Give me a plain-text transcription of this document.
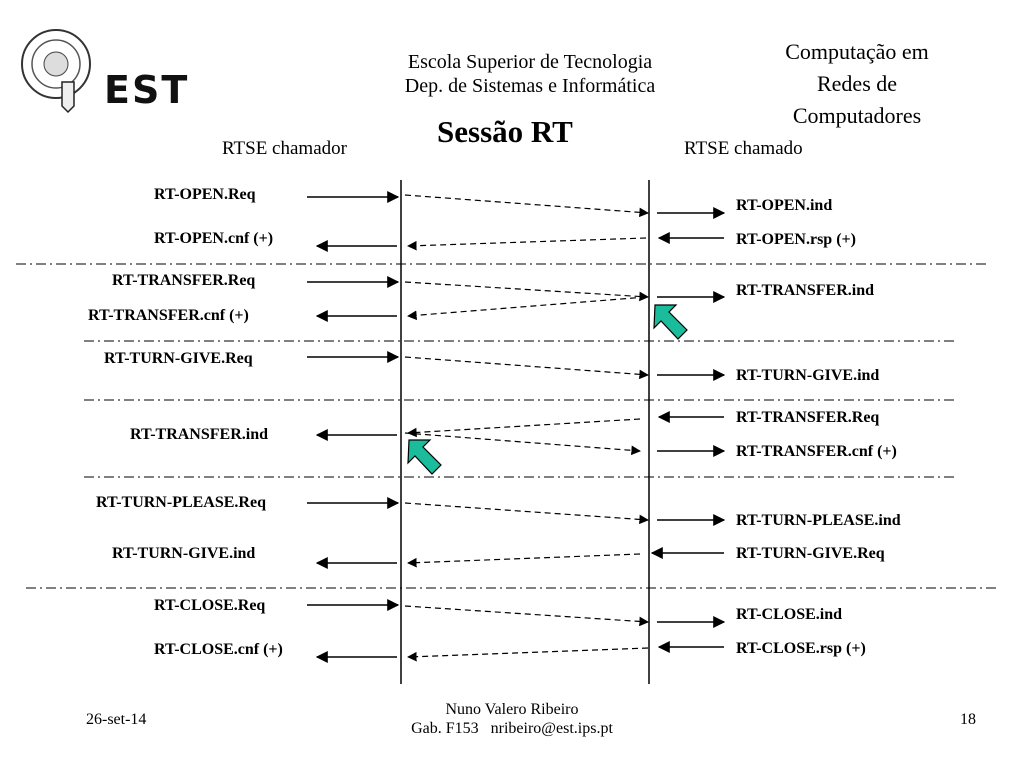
EST
Escola Superior de Tecnologia
Dep. de Sistemas e Informática
Computação em
Redes de
Computadores
Sessão RT
RTSE chamador	RTSE chamado
RT-OPEN.Req
RT-OPEN.cnf (+)
RT-TRANSFER.Req
RT-TRANSFER.cnf (+)
RT-TURN-GIVE.Req
RT-TRANSFER.ind
RT-TURN-PLEASE.Req
RT-TURN-GIVE.ind
RT-CLOSE.Req
RT-CLOSE.cnf (+)
RT-OPEN.ind
RT-OPEN.rsp (+)
RT-TRANSFER.ind
RT-TURN-GIVE.ind
RT-TRANSFER.Req
RT-TRANSFER.cnf (+)
RT-TURN-PLEASE.ind
RT-TURN-GIVE.Req
RT-CLOSE.ind
RT-CLOSE.rsp (+)
26-set-14
Nuno Valero Ribeiro
Gab. F153   nribeiro@est.ips.pt
18
